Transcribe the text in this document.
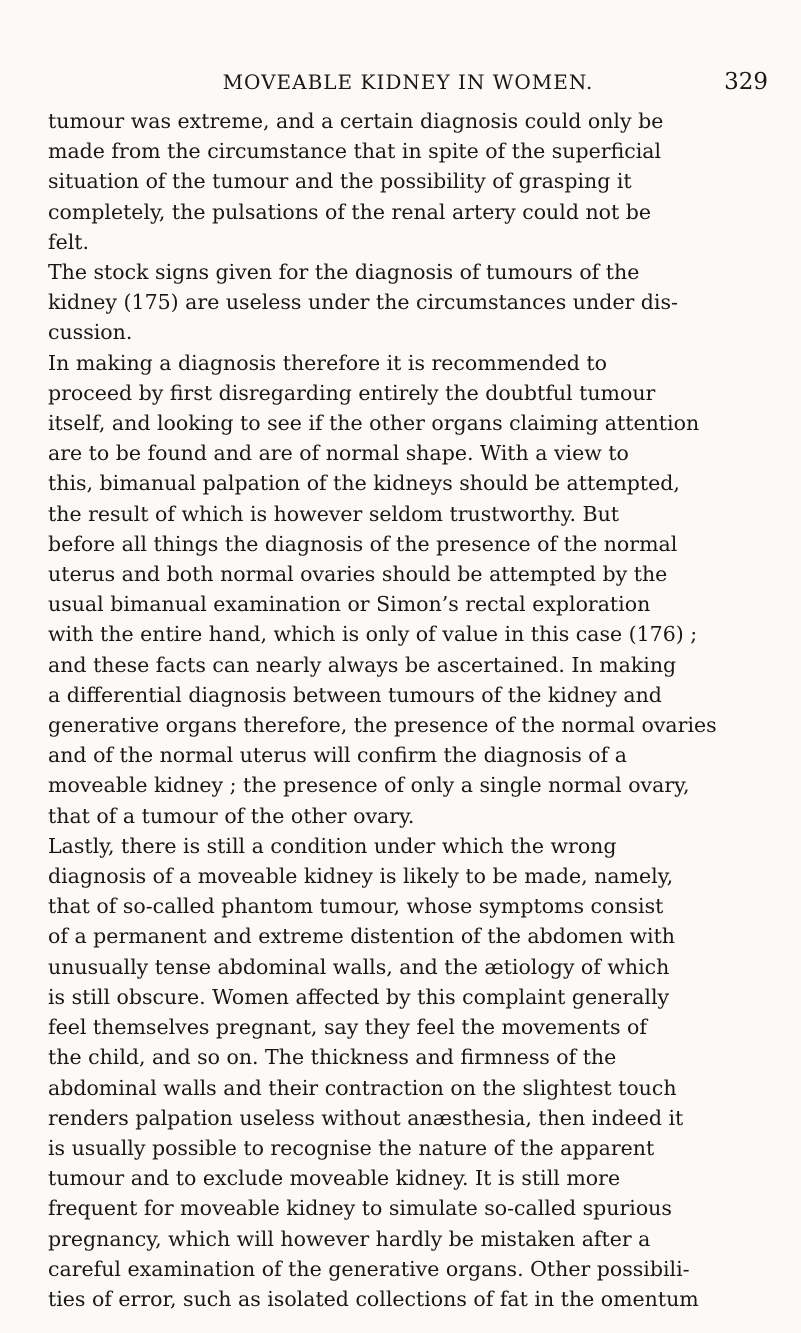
MOVEABLE KIDNEY IN WOMEN.	329
tumour was extreme, and a certain diagnosis could only be
made from the circumstance that in spite of the superficial
situation of the tumour and the possibility of grasping it
completely, the pulsations of the renal artery could not be
felt.
The stock signs given for the diagnosis of tumours of the
kidney (175) are useless under the circumstances under dis-
cussion.
In making a diagnosis therefore it is recommended to
proceed by first disregarding entirely the doubtful tumour
itself, and looking to see if the other organs claiming attention
are to be found and are of normal shape. With a view to
this, bimanual palpation of the kidneys should be attempted,
the result of which is however seldom trustworthy. But
before all things the diagnosis of the presence of the normal
uterus and both normal ovaries should be attempted by the
usual bimanual examination or Simon’s rectal exploration
with the entire hand, which is only of value in this case (176) ;
and these facts can nearly always be ascertained. In making
a differential diagnosis between tumours of the kidney and
generative organs therefore, the presence of the normal ovaries
and of the normal uterus will confirm the diagnosis of a
moveable kidney ; the presence of only a single normal ovary,
that of a tumour of the other ovary.
Lastly, there is still a condition under which the wrong
diagnosis of a moveable kidney is likely to be made, namely,
that of so-called phantom tumour, whose symptoms consist
of a permanent and extreme distention of the abdomen with
unusually tense abdominal walls, and the ætiology of which
is still obscure. Women affected by this complaint generally
feel themselves pregnant, say they feel the movements of
the child, and so on. The thickness and firmness of the
abdominal walls and their contraction on the slightest touch
renders palpation useless without anæsthesia, then indeed it
is usually possible to recognise the nature of the apparent
tumour and to exclude moveable kidney. It is still more
frequent for moveable kidney to simulate so-called spurious
pregnancy, which will however hardly be mistaken after a
careful examination of the generative organs. Other possibili-
ties of error, such as isolated collections of fat in the omentum
